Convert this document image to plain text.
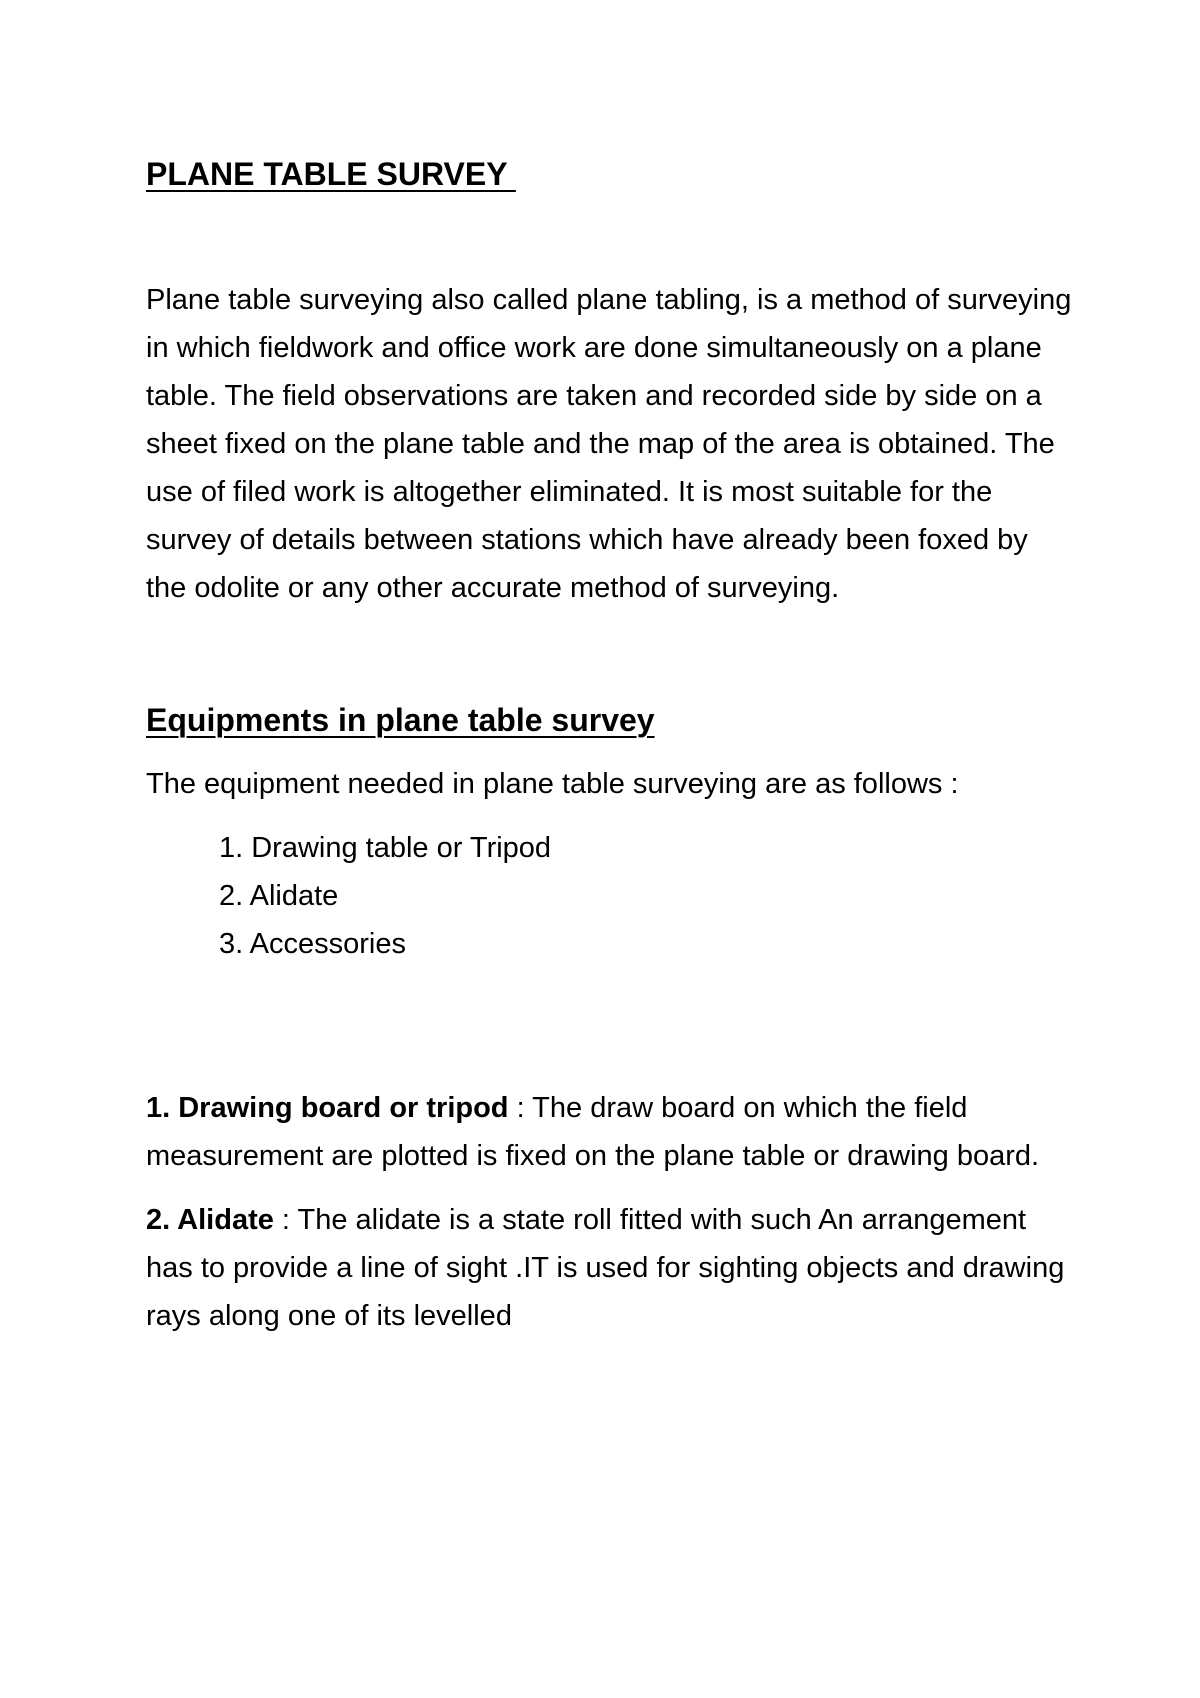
PLANE TABLE SURVEY

Plane table surveying also called plane tabling, is a method of surveying in which fieldwork and office work are done simultaneously on a plane table. The field observations are taken and recorded side by side on a sheet fixed on the plane table and the map of the area is obtained. The use of filed work is altogether eliminated. It is most suitable for the survey of details between stations which have already been foxed by the odolite or any other accurate method of surveying.

Equipments in plane table survey

The equipment needed in plane table surveying are as follows :

1. Drawing table or Tripod
2. Alidate
3. Accessories

1. Drawing board or tripod : The draw board on which the field measurement are plotted is fixed on the plane table or drawing board.

2. Alidate : The alidate is a state roll fitted with such An arrangement has to provide a line of sight .IT is used for sighting objects and drawing rays along one of its levelled
